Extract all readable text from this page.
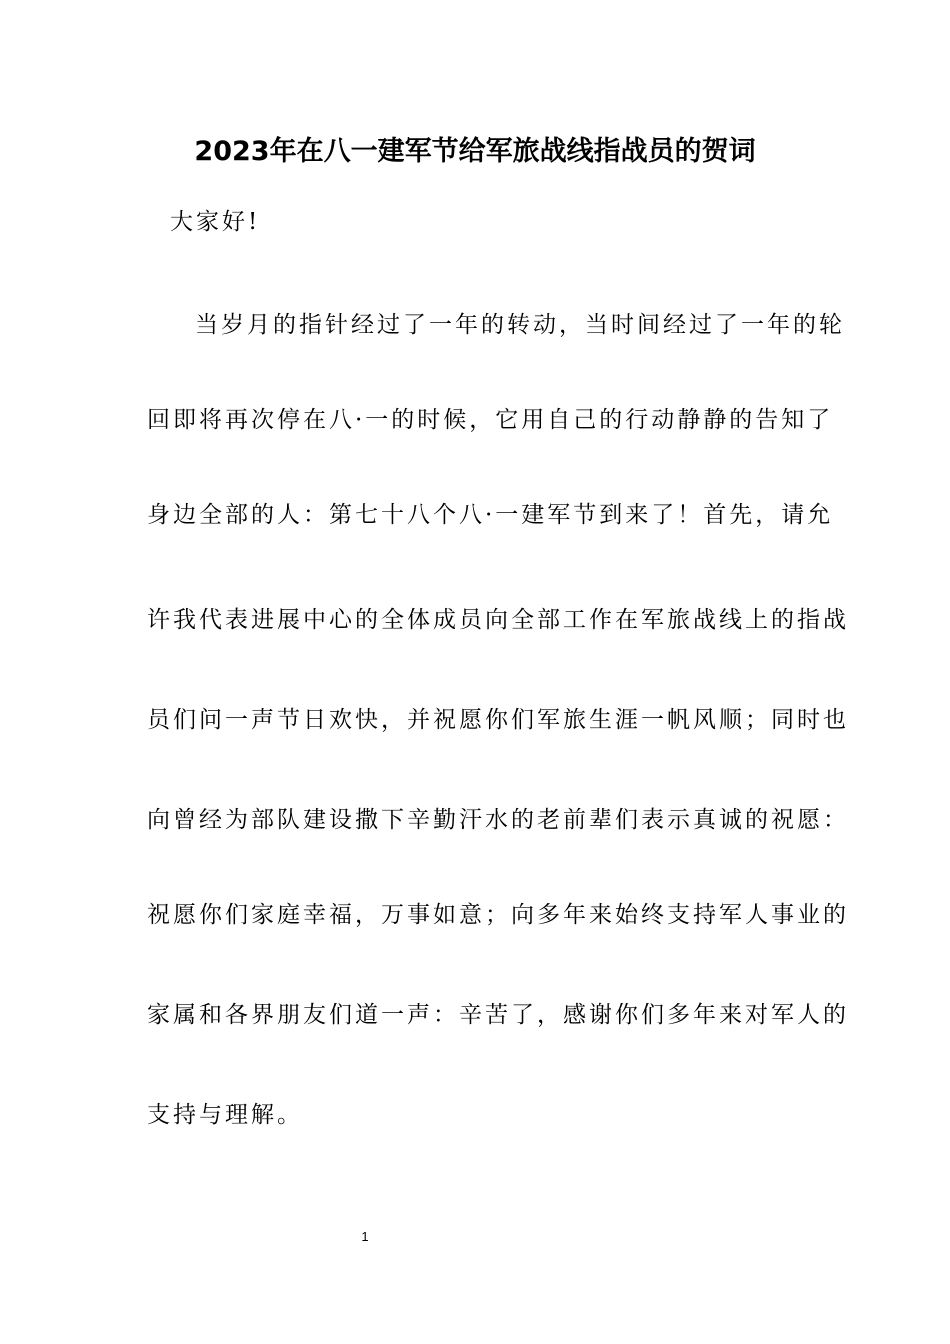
2023年在八一建军节给军旅战线指战员的贺词
大家好!
当岁月的指针经过了一年的转动，当时间经过了一年的轮
回即将再次停在八·一的时候，它用自己的行动静静的告知了
身边全部的人：第七十八个八·一建军节到来了！首先，请允
许我代表进展中心的全体成员向全部工作在军旅战线上的指战
员们问一声节日欢快，并祝愿你们军旅生涯一帆风顺；同时也
向曾经为部队建设撒下辛勤汗水的老前辈们表示真诚的祝愿：
祝愿你们家庭幸福，万事如意；向多年来始终支持军人事业的
家属和各界朋友们道一声：辛苦了，感谢你们多年来对军人的
支持与理解。
1
